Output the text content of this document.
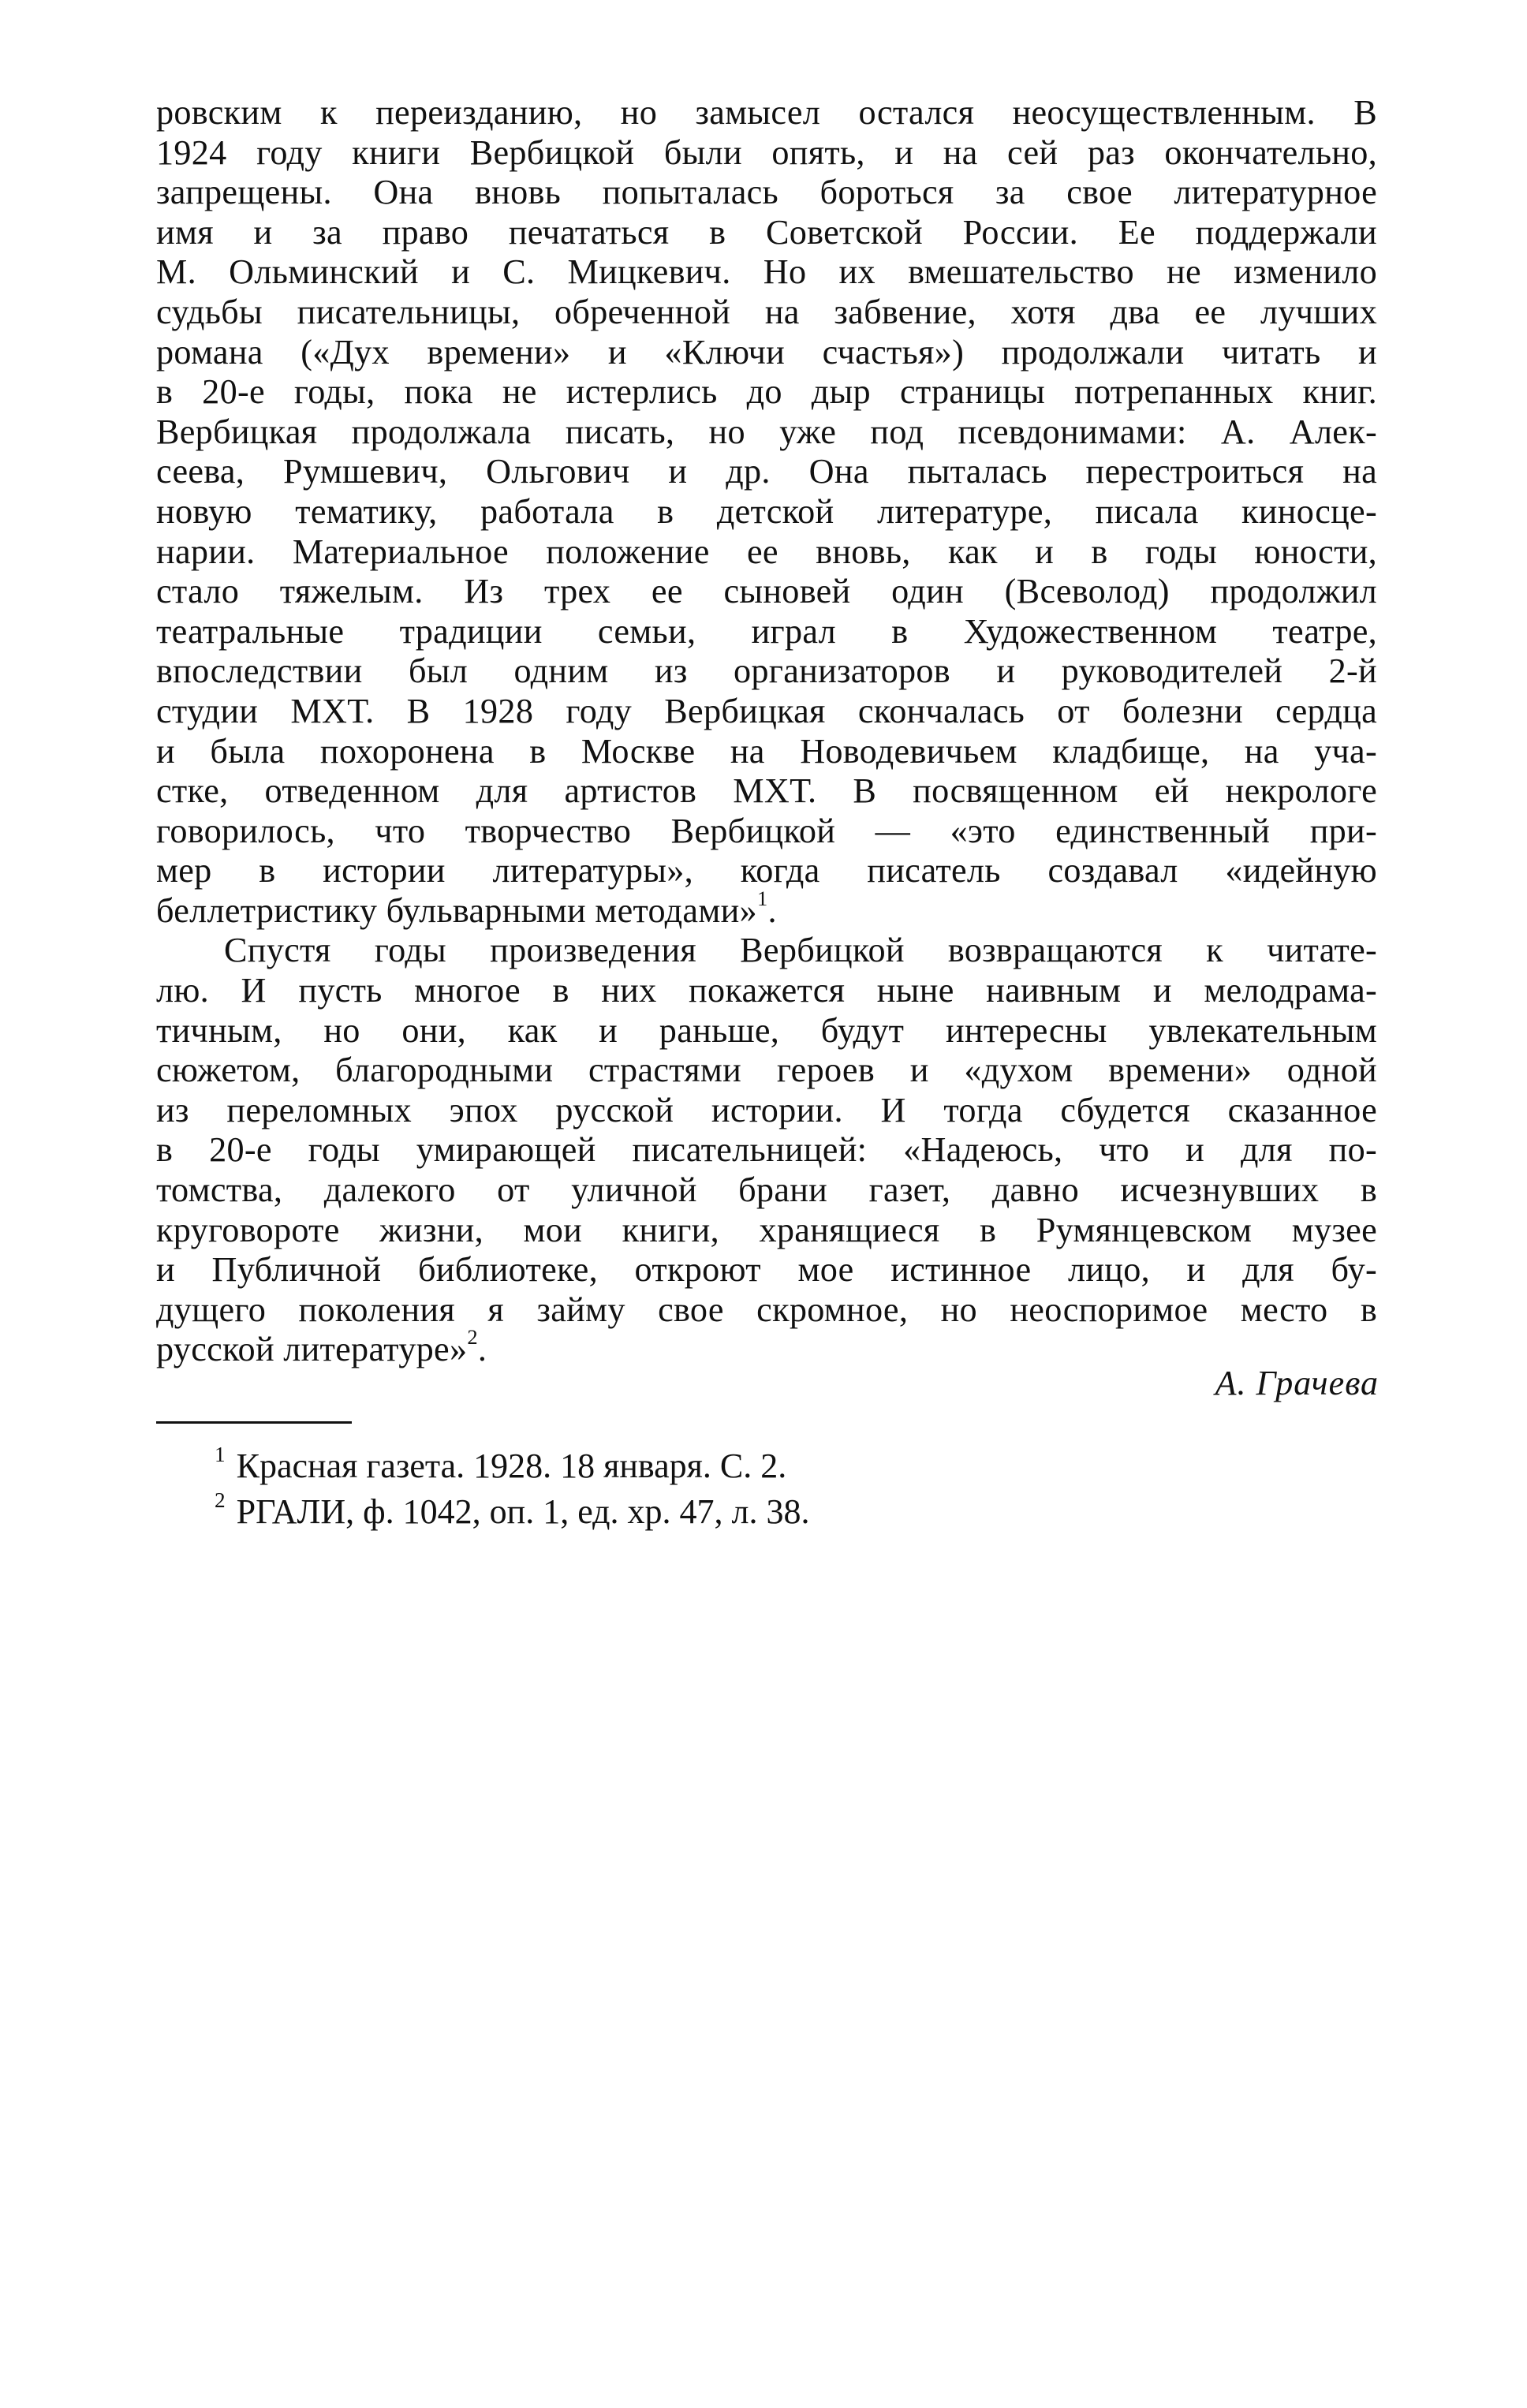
ровским к переизданию, но замысел остался неосуществленным. В
1924 году книги Вербицкой были опять, и на сей раз окончательно,
запрещены. Она вновь попыталась бороться за свое литературное
имя и за право печататься в Советской России. Ее поддержали
М. Ольминский и С. Мицкевич. Но их вмешательство не изменило
судьбы писательницы, обреченной на забвение, хотя два ее лучших
романа («Дух времени» и «Ключи счастья») продолжали читать и
в 20-е годы, пока не истерлись до дыр страницы потрепанных книг.
Вербицкая продолжала писать, но уже под псевдонимами: А. Алек-
сеева, Румшевич, Ольгович и др. Она пыталась перестроиться на
новую тематику, работала в детской литературе, писала киносце-
нарии. Материальное положение ее вновь, как и в годы юности,
стало тяжелым. Из трех ее сыновей один (Всеволод) продолжил
театральные традиции семьи, играл в Художественном театре,
впоследствии был одним из организаторов и руководителей 2-й
студии МХТ. В 1928 году Вербицкая скончалась от болезни сердца
и была похоронена в Москве на Новодевичьем кладбище, на уча-
стке, отведенном для артистов МХТ. В посвященном ей некрологе
говорилось, что творчество Вербицкой — «это единственный при-
мер в истории литературы», когда писатель создавал «идейную
беллетристику бульварными методами»$^1$.
Спустя годы произведения Вербицкой возвращаются к читате-
лю. И пусть многое в них покажется ныне наивным и мелодрама-
тичным, но они, как и раньше, будут интересны увлекательным
сюжетом, благородными страстями героев и «духом времени» одной
из переломных эпох русской истории. И тогда сбудется сказанное
в 20-е годы умирающей писательницей: «Надеюсь, что и для по-
томства, далекого от уличной брани газет, давно исчезнувших в
круговороте жизни, мои книги, хранящиеся в Румянцевском музее
и Публичной библиотеке, откроют мое истинное лицо, и для бу-
дущего поколения я займу свое скромное, но неоспоримое место в
русской литературе»$^2$.
А. Грачева
$^1$ Красная газета. 1928. 18 января. С. 2.
$^2$ РГАЛИ, ф. 1042, оп. 1, ед. хр. 47, л. 38.
